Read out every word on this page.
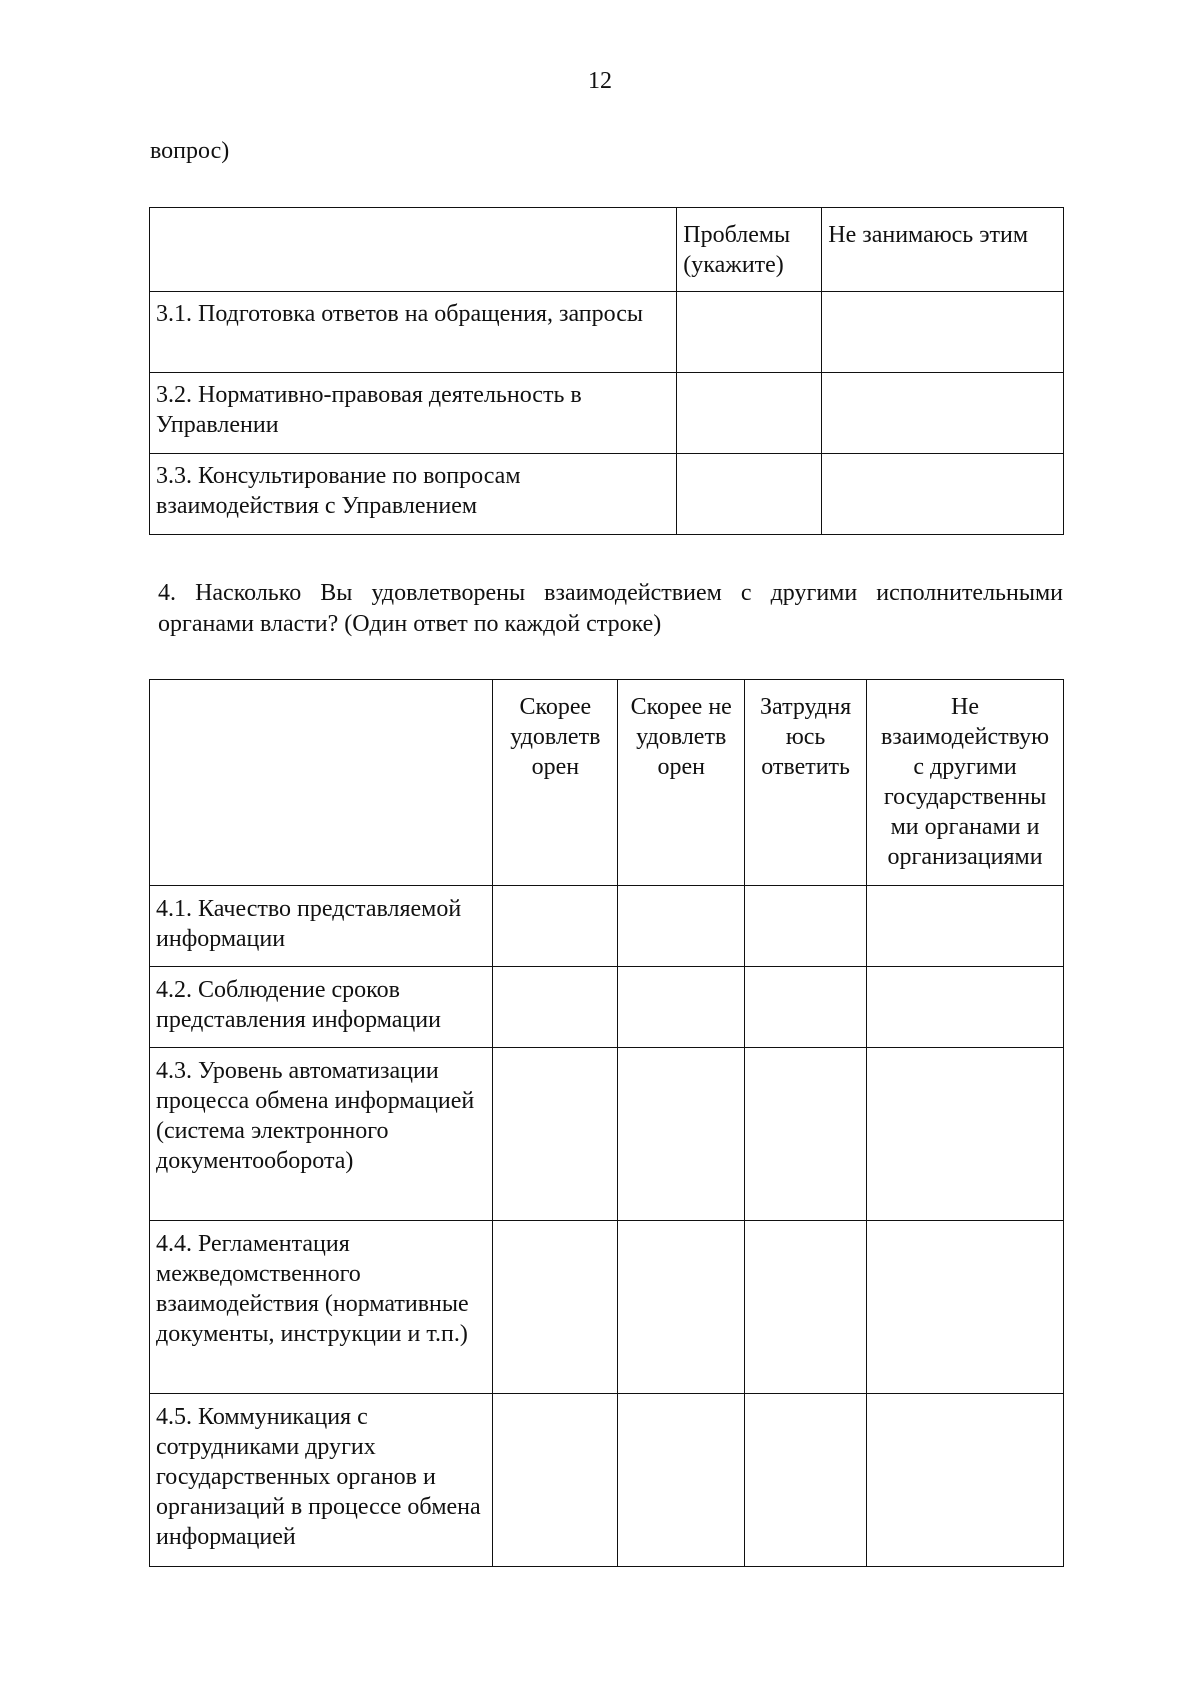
12
вопрос)
	Проблемы (укажите)	Не занимаюсь этим
3.1. Подготовка ответов на обращения, запросы		
3.2. Нормативно-правовая деятельность в Управлении		
3.3. Консультирование по вопросам взаимодействия с Управлением		
4. Насколько Вы удовлетворены взаимодействием с другими исполнительными органами власти? (Один ответ по каждой строке)
	Скорее удовлетв орен	Скорее не удовлетв орен	Затрудня юсь ответить	Не взаимодействую с другими государственны ми органами и организациями
4.1. Качество представляемой информации				
4.2. Соблюдение сроков представления информации				
4.3. Уровень автоматизации процесса обмена информацией (система электронного документооборота)				
4.4. Регламентация межведомственного взаимодействия (нормативные документы, инструкции и т.п.)				
4.5. Коммуникация с сотрудниками других государственных органов и организаций в процессе обмена информацией				
